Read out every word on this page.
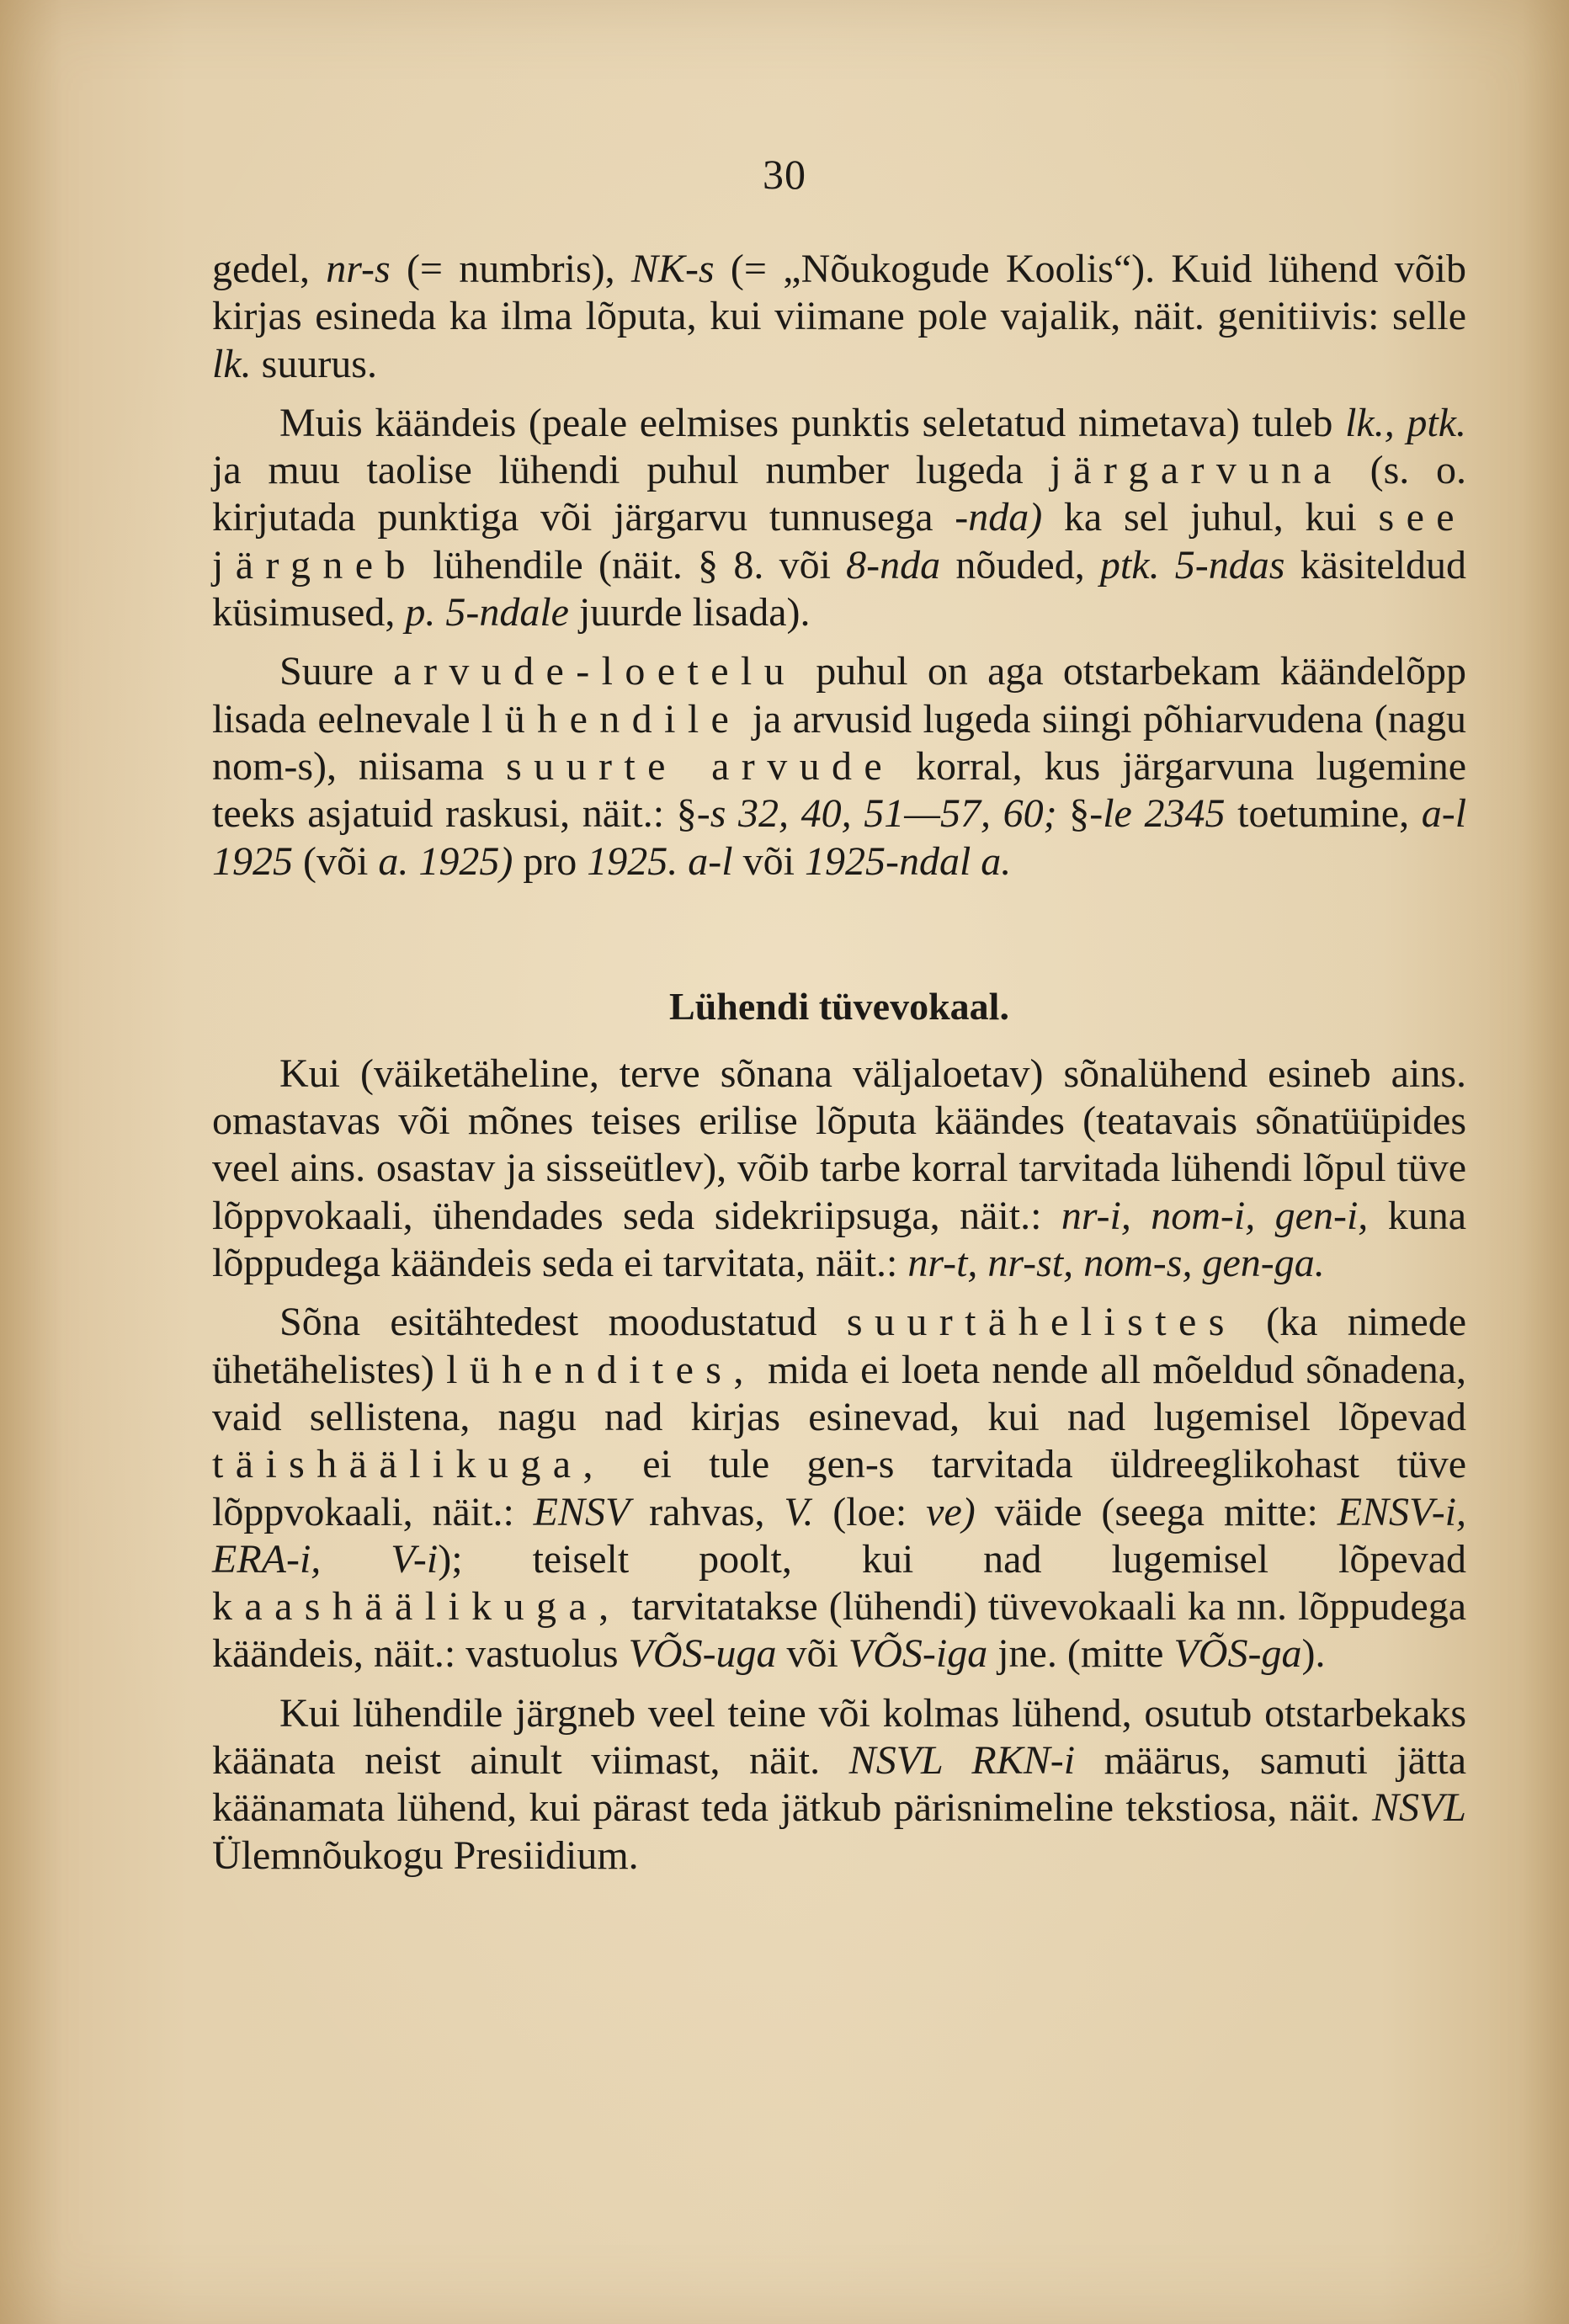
30

gedel, nr-s (= numbris), NK-s (= „Nõukogude Koolis“). Kuid lühend võib kirjas esineda ka ilma lõputa, kui viimane pole vajalik, näit. genitiivis: selle lk. suurus.

Muis käändeis (peale eelmises punktis seletatud nimetava) tuleb lk., ptk. ja muu taolise lühendi puhul number lugeda järgarvuna (s. o. kirjutada punktiga või järgarvu tunnusega -nda) ka sel juhul, kui see järgneb lühendile (näit. § 8. või 8-nda nõuded, ptk. 5-ndas käsiteldud küsimused, p. 5-ndale juurde lisada).

Suure arvude-loetelu puhul on aga otstarbekam käändelõpp lisada eelnevale lühendile ja arvusid lugeda siingi põhiarvudena (nagu nom-s), niisama suurte arvude korral, kus järgarvuna lugemine teeks asjatuid raskusi, näit.: §-s 32, 40, 51—57, 60; §-le 2345 toetumine, a-l 1925 (või a. 1925) pro 1925. a-l või 1925-ndal a.

Lühendi tüvevokaal.

Kui (väiketäheline, terve sõnana väljaloetav) sõnalühend esineb ains. omastavas või mõnes teises erilise lõputa käändes (teatavais sõnatüüpides veel ains. osastav ja sisseütlev), võib tarbe korral tarvitada lühendi lõpul tüve lõppvokaali, ühendades seda sidekriipsuga, näit.: nr-i, nom-i, gen-i, kuna lõppudega käändeis seda ei tarvitata, näit.: nr-t, nr-st, nom-s, gen-ga.

Sõna esitähtedest moodustatud suurtähelistes (ka nimede ühetähelistes) lühendites, mida ei loeta nende all mõeldud sõnadena, vaid sellistena, nagu nad kirjas esinevad, kui nad lugemisel lõpevad täishäälikuga, ei tule gen-s tarvitada üldreeglikohast tüve lõppvokaali, näit.: ENSV rahvas, V. (loe: ve) väide (seega mitte: ENSV-i, ERA-i, V-i); teiselt poolt, kui nad lugemisel lõpevad kaashäälikuga, tarvitatakse (lühendi) tüvevokaali ka nn. lõppudega käändeis, näit.: vastuolus VÕS-uga või VÕS-iga jne. (mitte VÕS-ga).

Kui lühendile järgneb veel teine või kolmas lühend, osutub otstarbekaks käänata neist ainult viimast, näit. NSVL RKN-i määrus, samuti jätta käänamata lühend, kui pärast teda jätkub pärisnimeline tekstiosa, näit. NSVL Ülemnõukogu Presiidium.
